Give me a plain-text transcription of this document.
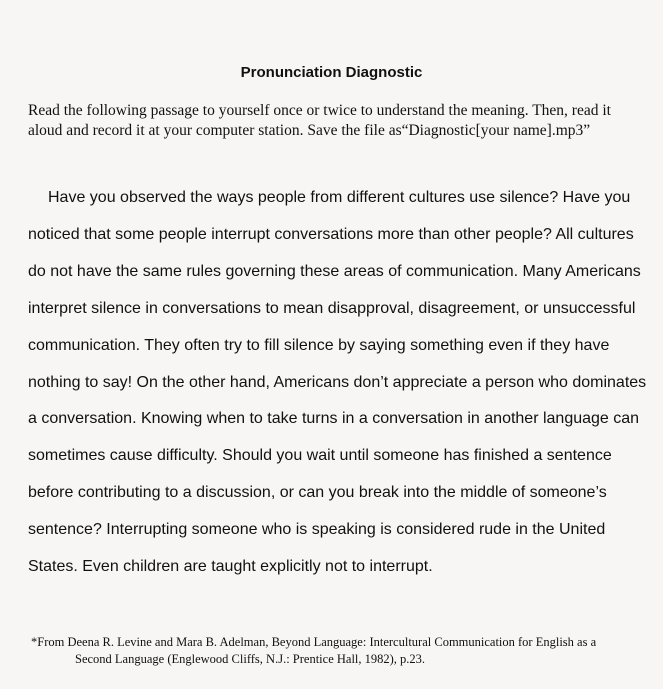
Pronunciation Diagnostic
Read the following passage to yourself once or twice to understand the meaning. Then, read it
aloud and record it at your computer station. Save the file as“Diagnostic[your name].mp3”
Have you observed the ways people from different cultures use silence? Have you
noticed that some people interrupt conversations more than other people? All cultures
do not have the same rules governing these areas of communication. Many Americans
interpret silence in conversations to mean disapproval, disagreement, or unsuccessful
communication. They often try to fill silence by saying something even if they have
nothing to say! On the other hand, Americans don’t appreciate a person who dominates
a conversation. Knowing when to take turns in a conversation in another language can
sometimes cause difficulty. Should you wait until someone has finished a sentence
before contributing to a discussion, or can you break into the middle of someone’s
sentence? Interrupting someone who is speaking is considered rude in the United
States. Even children are taught explicitly not to interrupt.
*From Deena R. Levine and Mara B. Adelman, Beyond Language: Intercultural Communication for English as a
Second Language (Englewood Cliffs, N.J.: Prentice Hall, 1982), p.23.
